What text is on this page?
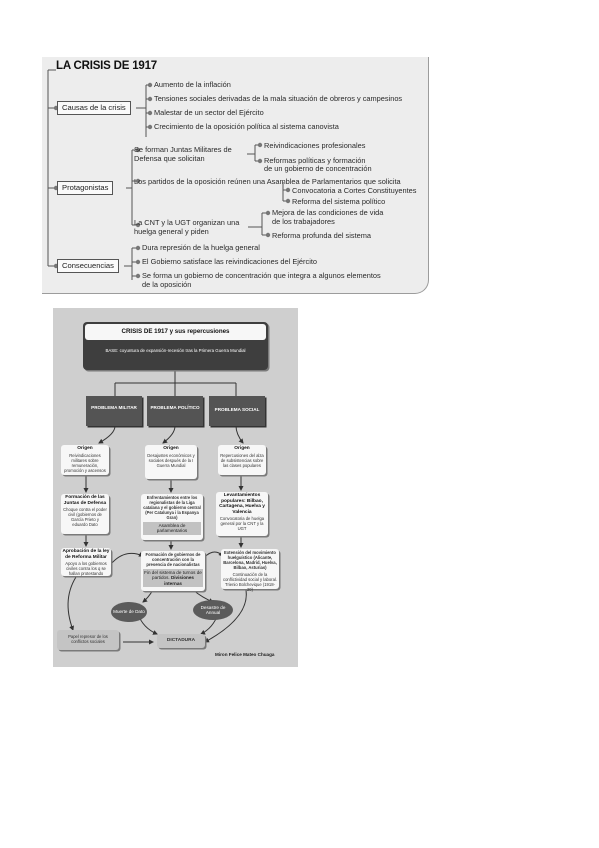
LA CRISIS DE 1917
Causas de la crisis
Aumento de la inflación
Tensiones sociales derivadas de la mala situación de obreros y campesinos
Malestar de un sector del Ejército
Crecimiento de la oposición política al sistema canovista
Protagonistas
Se forman Juntas Militares de
Defensa que solicitan
Reivindicaciones profesionales
Reformas políticas y formación
de un gobierno de concentración
Los partidos de la oposición reúnen una Asamblea de Parlamentarios que solicita
Convocatoria a Cortes Constituyentes
Reforma del sistema político
La CNT y la UGT organizan una
huelga general y piden
Mejora de las condiciones de vida
de los trabajadores
Reforma profunda del sistema
Consecuencias
Dura represión de la huelga general
El Gobierno satisface las reivindicaciones del Ejército
Se forma un gobierno de concentración que integra a algunos elementos
de la oposición
CRISIS DE 1917 y sus repercusiones
BASE: coyuntura de expansión-recesión tras la Primera Guerra Mundial
PROBLEMA MILITAR	PROBLEMA POLÍTICO	PROBLEMA SOCIAL
Origen
Reivindicaciones militares sobre remuneración, promoción y ascensos
Origen
Desajustes económicos y sociales después de la I Guerra Mundial
Origen
Repercusiones del alza de subsistencias sobre las clases populares
Formación de las Juntas de Defensa
Choque contra el poder civil (gobiernos de García Prieto y eduardo Dato
Enfrentamientos entre los regionalistas de la Liga catalana y el gobierno central (Per Catalunya i la Espanya Gran)
Asamblea de parlamentarios
Levantamientos populares: Bilbao, Cartagena, Huelva y Valencia
Convocatoria de huelga general por la CNT y la UGT
Aprobación de la ley de Reforma Militar
Apoyo a los gobiernos civiles contra los q se hallan protestando
Formación de gobiernos de concentración con la presencia de nacionalistas
Fin del sistema de turnos de partidos. Divisiones internas
Extensión del movimiento huelguístico (Alicante, Barcelona, Madrid, Huelva, Bilbao, Asturias)
Continuación de la conflictividad social y laboral. Trienio Bolchevique (1918-20)
Muerte de Dato
Desastre de Annual
Papel represor de los conflictos sociales	DICTADURA
Miron Felice Mateo Chuaga
